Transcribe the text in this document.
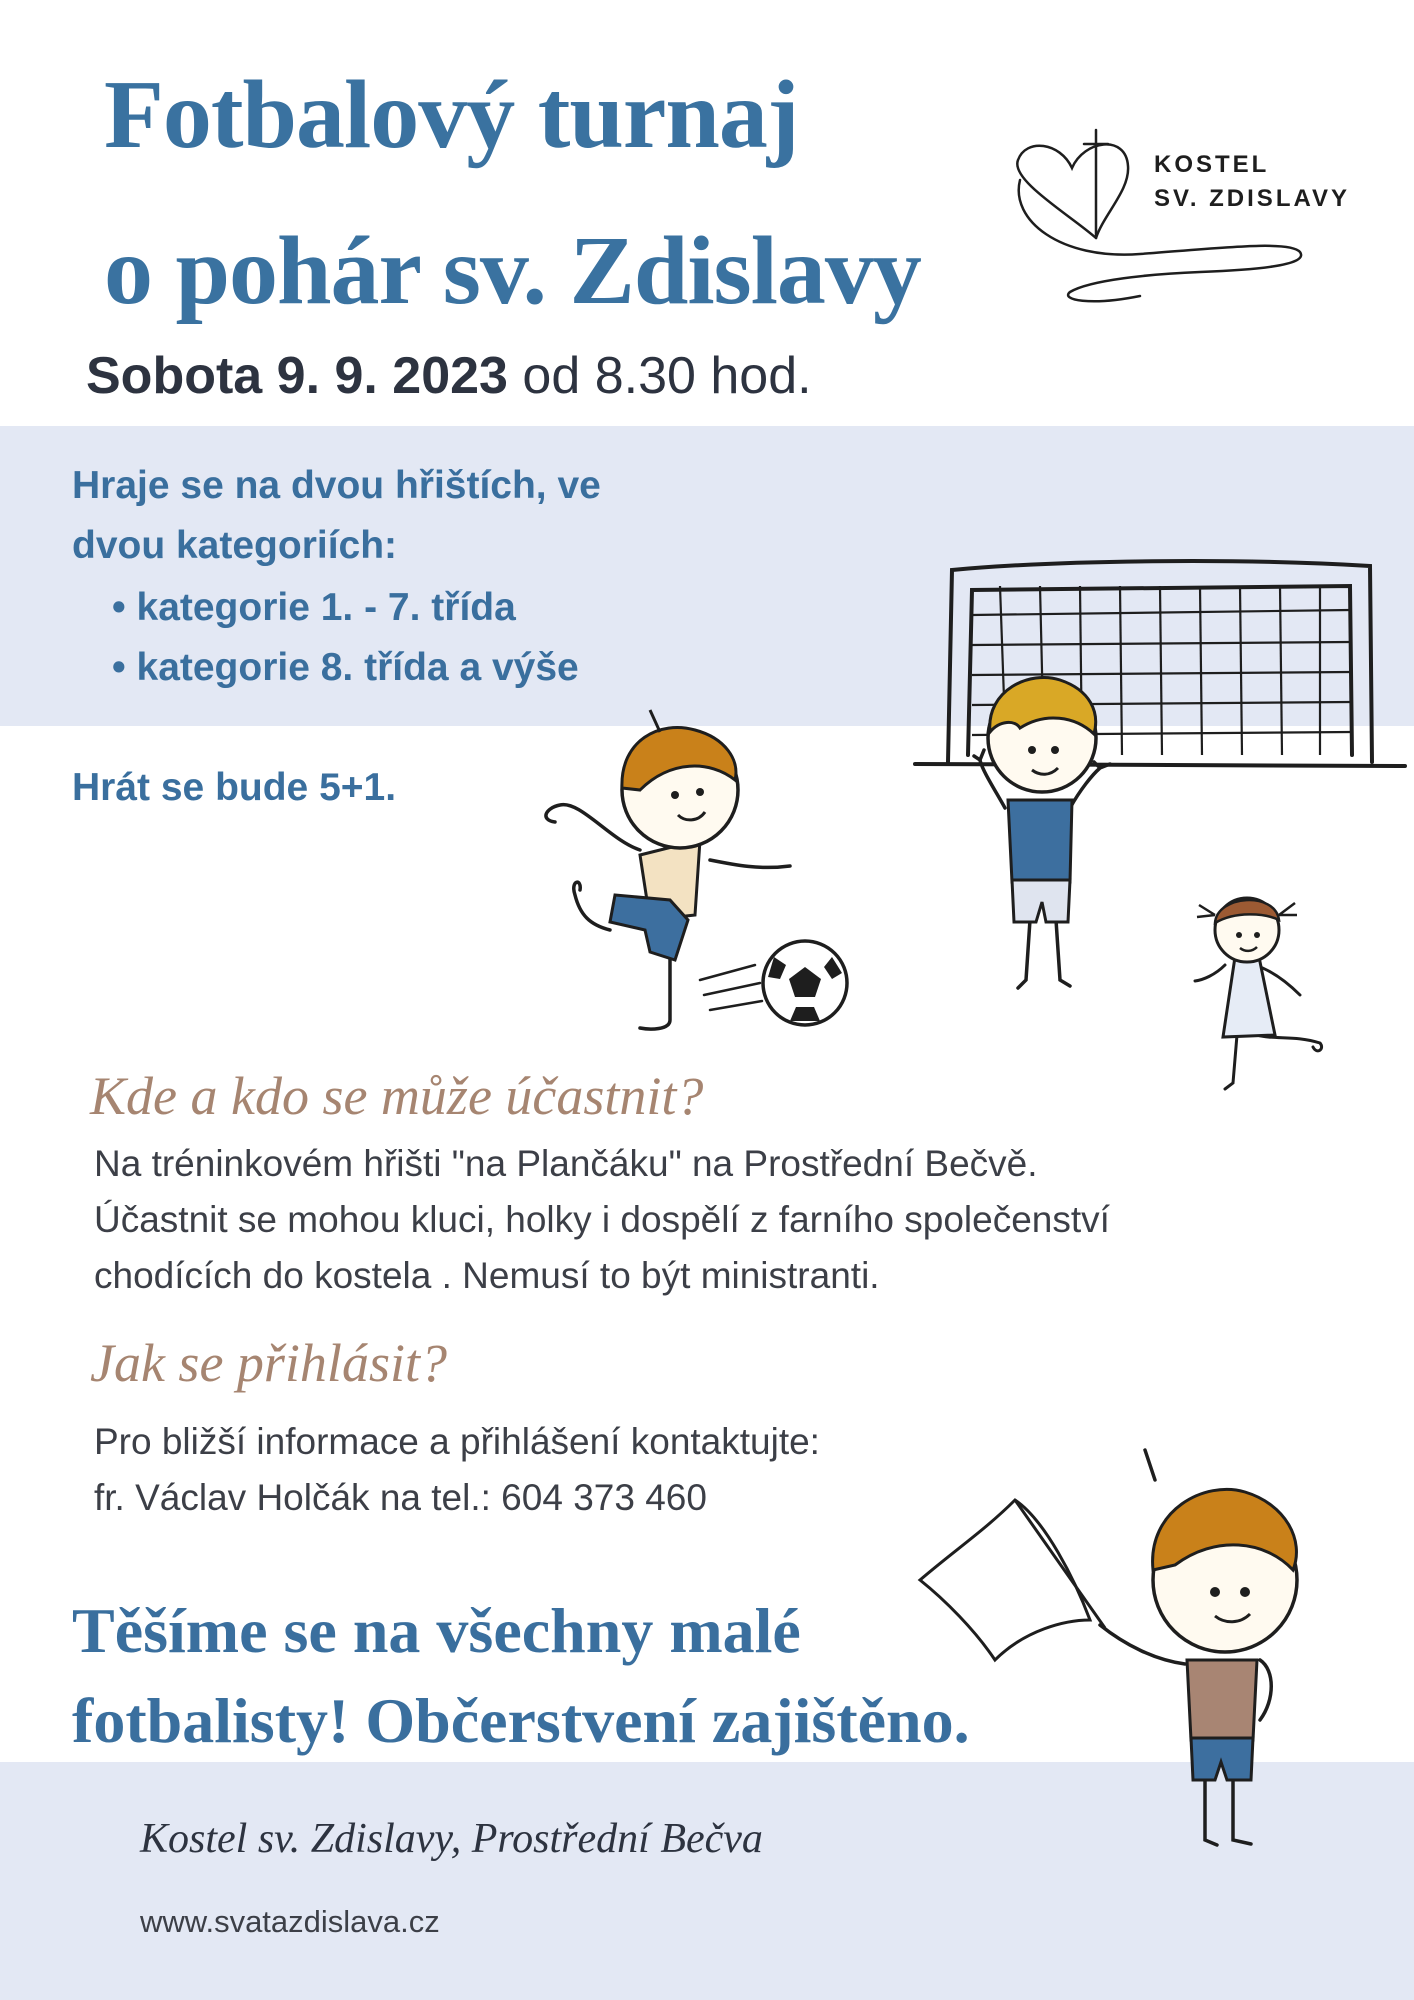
Fotbalový turnaj
o pohár sv. Zdislavy
Sobota 9. 9. 2023 od 8.30 hod.
KOSTEL
SV. ZDISLAVY
Hraje se na dvou hřištích, ve
dvou kategoriích:
• kategorie 1. - 7. třída
• kategorie 8. třída a výše
Hrát se bude 5+1.
Kde a kdo se může účastnit?
Na tréninkovém hřišti "na Plančáku" na Prostřední Bečvě.
Účastnit se mohou kluci, holky i dospělí z farního společenství
chodících do kostela . Nemusí to být ministranti.
Jak se přihlásit?
Pro bližší informace a přihlášení kontaktujte:
fr. Václav Holčák na tel.: 604 373 460
Těšíme se na všechny malé
fotbalisty! Občerstvení zajištěno.
Kostel sv. Zdislavy, Prostřední Bečva
www.svatazdislava.cz
